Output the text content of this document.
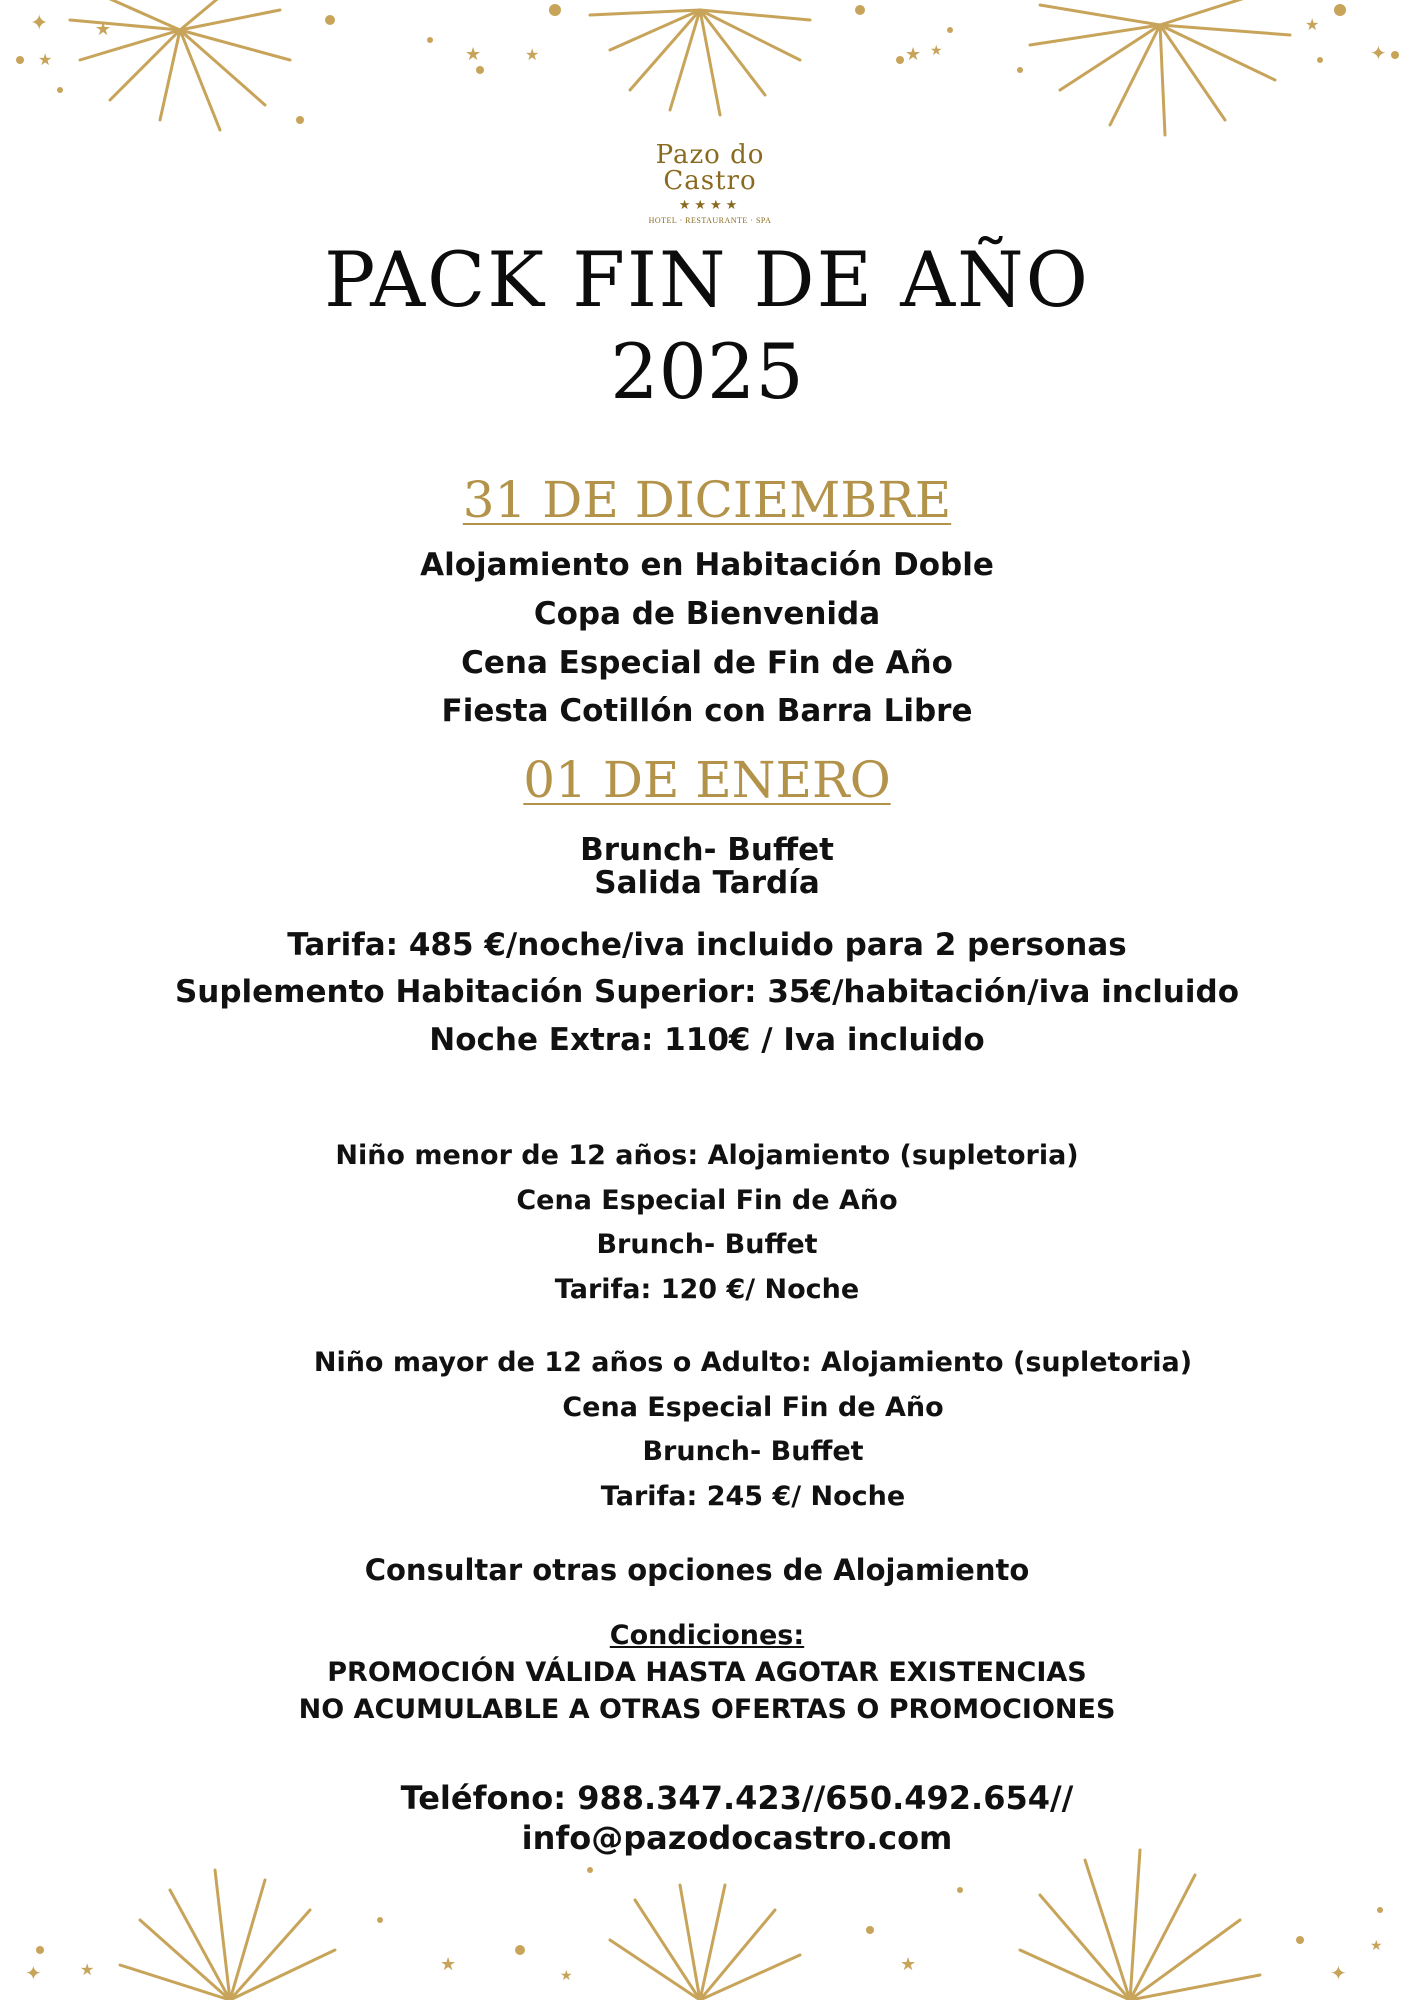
✦	★
★	★	★	★ ★
★
✦
Pazo do Castro
★★★★
HOTEL · RESTAURANTE · SPA
PACK FIN DE AÑO
2025
31 DE DICIEMBRE
Alojamiento en Habitación Doble
Copa de Bienvenida
Cena Especial de Fin de Año
Fiesta Cotillón con Barra Libre
01 DE ENERO
Brunch- Buffet
Salida Tardía
Tarifa: 485 €/noche/iva incluido para 2 personas
Suplemento Habitación Superior: 35€/habitación/iva incluido
Noche Extra: 110€ / Iva incluido
Niño menor de 12 años: Alojamiento (supletoria)
Cena Especial Fin de Año
Brunch- Buffet
Tarifa: 120 €/ Noche
Niño mayor de 12 años o Adulto: Alojamiento (supletoria)
Cena Especial Fin de Año
Brunch- Buffet
Tarifa: 245 €/ Noche
Consultar otras opciones de Alojamiento
Condiciones:
PROMOCIÓN VÁLIDA HASTA AGOTAR EXISTENCIAS
NO ACUMULABLE A OTRAS OFERTAS O PROMOCIONES
Teléfono: 988.347.423//650.492.654//
info@pazodocastro.com
✦ ★	★
★
★	✦
★
